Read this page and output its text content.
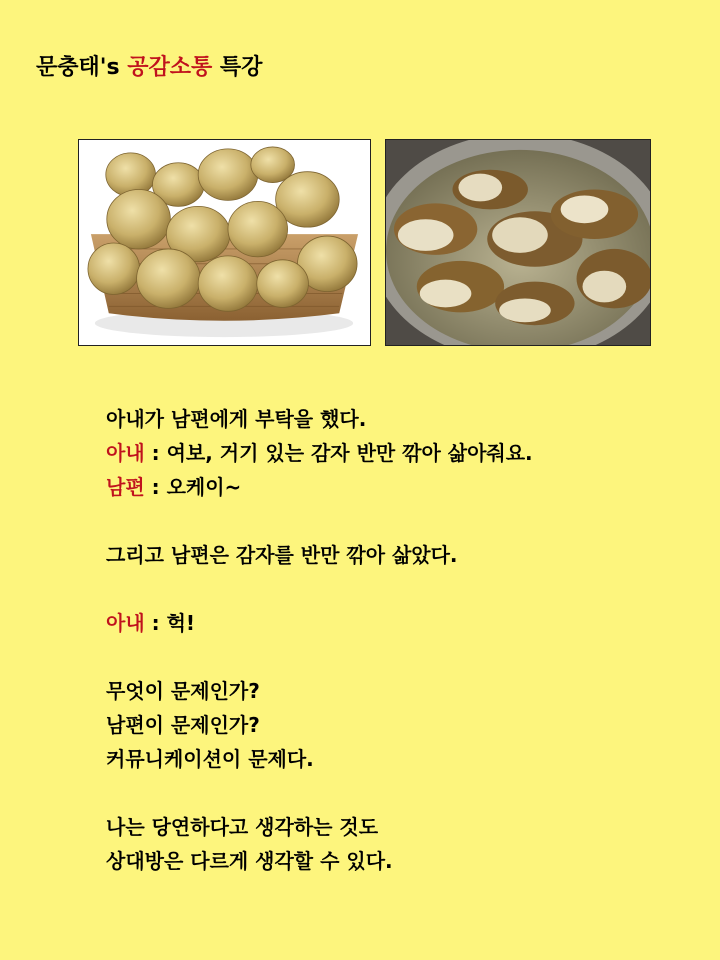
문충태's 공감소통 특강
아내가 남편에게 부탁을 했다.
아내 : 여보, 거기 있는 감자 반만 깎아 삶아줘요.
남편 : 오케이~
그리고 남편은 감자를 반만 깎아 삶았다.
아내 : 헉!
무엇이 문제인가?
남편이 문제인가?
커뮤니케이션이 문제다.
나는 당연하다고 생각하는 것도
상대방은 다르게 생각할 수 있다.
